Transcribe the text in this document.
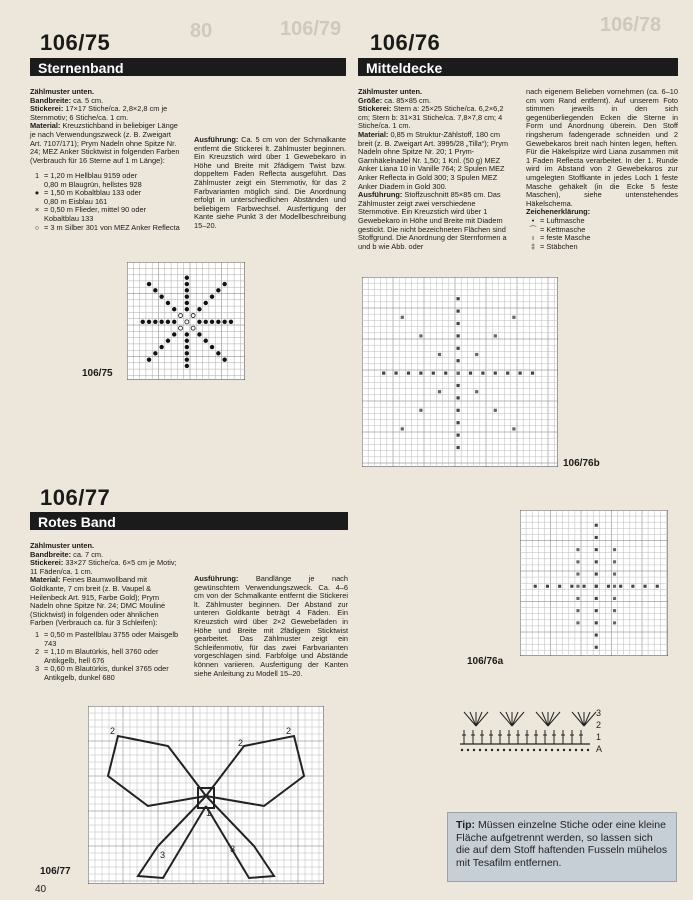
80	106/79	106/78
106/75
Sternenband

Zählmuster unten.

Bandbreite: ca. 5 cm.

Stickerei: 17×17 Stiche/ca. 2,8×2,8 cm je Sternmotiv; 6 Stiche/ca. 1 cm.

Material: Kreuzstichband in beliebiger Länge je nach Verwendungszweck (z. B. Zweigart Art. 7107/171); Prym Nadeln ohne Spitze Nr. 24; MEZ Anker Sticktwist in folgenden Farben (Verbrauch für 16 Sterne auf 1 m Länge):

1 = 1,20 m Hellblau 9159 oder
0,80 m Blaugrün, hellstes 928
● = 1,50 m Kobaltblau 133 oder
0,80 m Eisblau 161
× = 0,50 m Flieder, mittel 90 oder
Kobaltblau 133
○ = 3 m Silber 301 von MEZ Anker Reflecta
Ausführung: Ca. 5 cm von der Schmalkante entfernt die Stickerei lt. Zählmuster beginnen. Ein Kreuzstich wird über 1 Gewebekaro in Höhe und Breite mit 2fädigem Twist bzw. doppeltem Faden Reflecta ausgeführt. Das Zählmuster zeigt ein Sternmotiv, für das 2 Farbvarianten möglich sind. Die Anordnung erfolgt in unterschiedlichen Abständen und beliebigem Farbwechsel. Ausfertigung der Kante siehe Punkt 3 der Modellbeschreibung 15–20.
106/75
106/76
Mitteldecke

Zählmuster unten.

Größe: ca. 85×85 cm.

Stickerei: Stern a: 25×25 Stiche/ca. 6,2×6,2 cm; Stern b: 31×31 Stiche/ca. 7,8×7,8 cm; 4 Stiche/ca. 1 cm.

Material: 0,85 m Struktur-Zählstoff, 180 cm breit (z. B. Zweigart Art. 3995/28 „Tilla“); Prym Nadeln ohne Spitze Nr. 20; 1 Prym-Garnhäkelnadel Nr. 1,50; 1 Knl. (50 g) MEZ Anker Liana 10 in Vanille 764; 2 Spulen MEZ Anker Reflecta in Gold 300; 3 Spulen MEZ Anker Diadem in Gold 300.

Ausführung: Stoffzuschnitt 85×85 cm. Das Zählmuster zeigt zwei verschiedene Sternmotive. Ein Kreuzstich wird über 1 Gewebekaro in Höhe und Breite mit Diadem gestickt. Die nicht bezeichneten Flächen sind Stoffgrund. Die Anordnung der Sternformen a und b wie Abb. oder

nach eigenem Belieben vornehmen (ca. 6–10 cm vom Rand entfernt). Auf unserem Foto stimmen jeweils in den sich gegenüberliegenden Ecken die Sterne in Form und Anordnung überein. Den Stoff ringsherum fadengerade schneiden und 2 Gewebekaros breit nach hinten legen, heften. Für die Häkelspitze wird Liana zusammen mit 1 Faden Reflecta verarbeitet. In der 1. Runde wird im Abstand von 2 Gewebekaros zur umgelegten Stoffkante in jedes Loch 1 feste Masche gehäkelt (in die Ecke 5 feste Maschen), siehe untenstehendes Häkelschema.

Zeichenerklärung:

• = Luftmasche
⌒ = Kettmasche
ı = feste Masche
‡ = Stäbchen
106/76b
106/76a
3
2
1
A
106/77
Rotes Band

Zählmuster unten.

Bandbreite: ca. 7 cm.

Stickerei: 33×27 Stiche/ca. 6×5 cm je Motiv; 11 Fäden/ca. 1 cm.

Material: Feines Baumwollband mit Goldkante, 7 cm breit (z. B. Vaupel & Heilenbeck Art. 915, Farbe Gold); Prym Nadeln ohne Spitze Nr. 24; DMC Moulinė (Sticktwist) in folgenden oder ähnlichen Farben (Verbrauch ca. für 3 Schleifen):

1 = 0,50 m Pastellblau 3755 oder Maisgelb 743
2 = 1,10 m Blautürkis, hell 3760 oder Antikgelb, hell 676
3 = 0,60 m Blautürkis, dunkel 3765 oder Antikgelb, dunkel 680
Ausführung: Bandlänge je nach gewünschtem Verwendungszweck. Ca. 4–6 cm von der Schmalkante entfernt die Stickerei lt. Zählmuster beginnen. Der Abstand zur unteren Goldkante beträgt 4 Fäden. Ein Kreuzstich wird über 2×2 Gewebefäden in Höhe und Breite mit 2fädigem Sticktwist gearbeitet. Das Zählmuster zeigt ein Schleifenmotiv, für das zwei Farbvarianten vorgeschlagen sind. Farbfolge und Abstände können variieren. Ausfertigung der Kanten siehe Anleitung zu Modell 15–20.
2
2
1
3
3
2
106/77
Tip: Müssen einzelne Stiche oder eine kleine Fläche aufgetrennt werden, so lassen sich die auf dem Stoff haftenden Fusseln mühelos mit Tesafilm entfernen.
40
